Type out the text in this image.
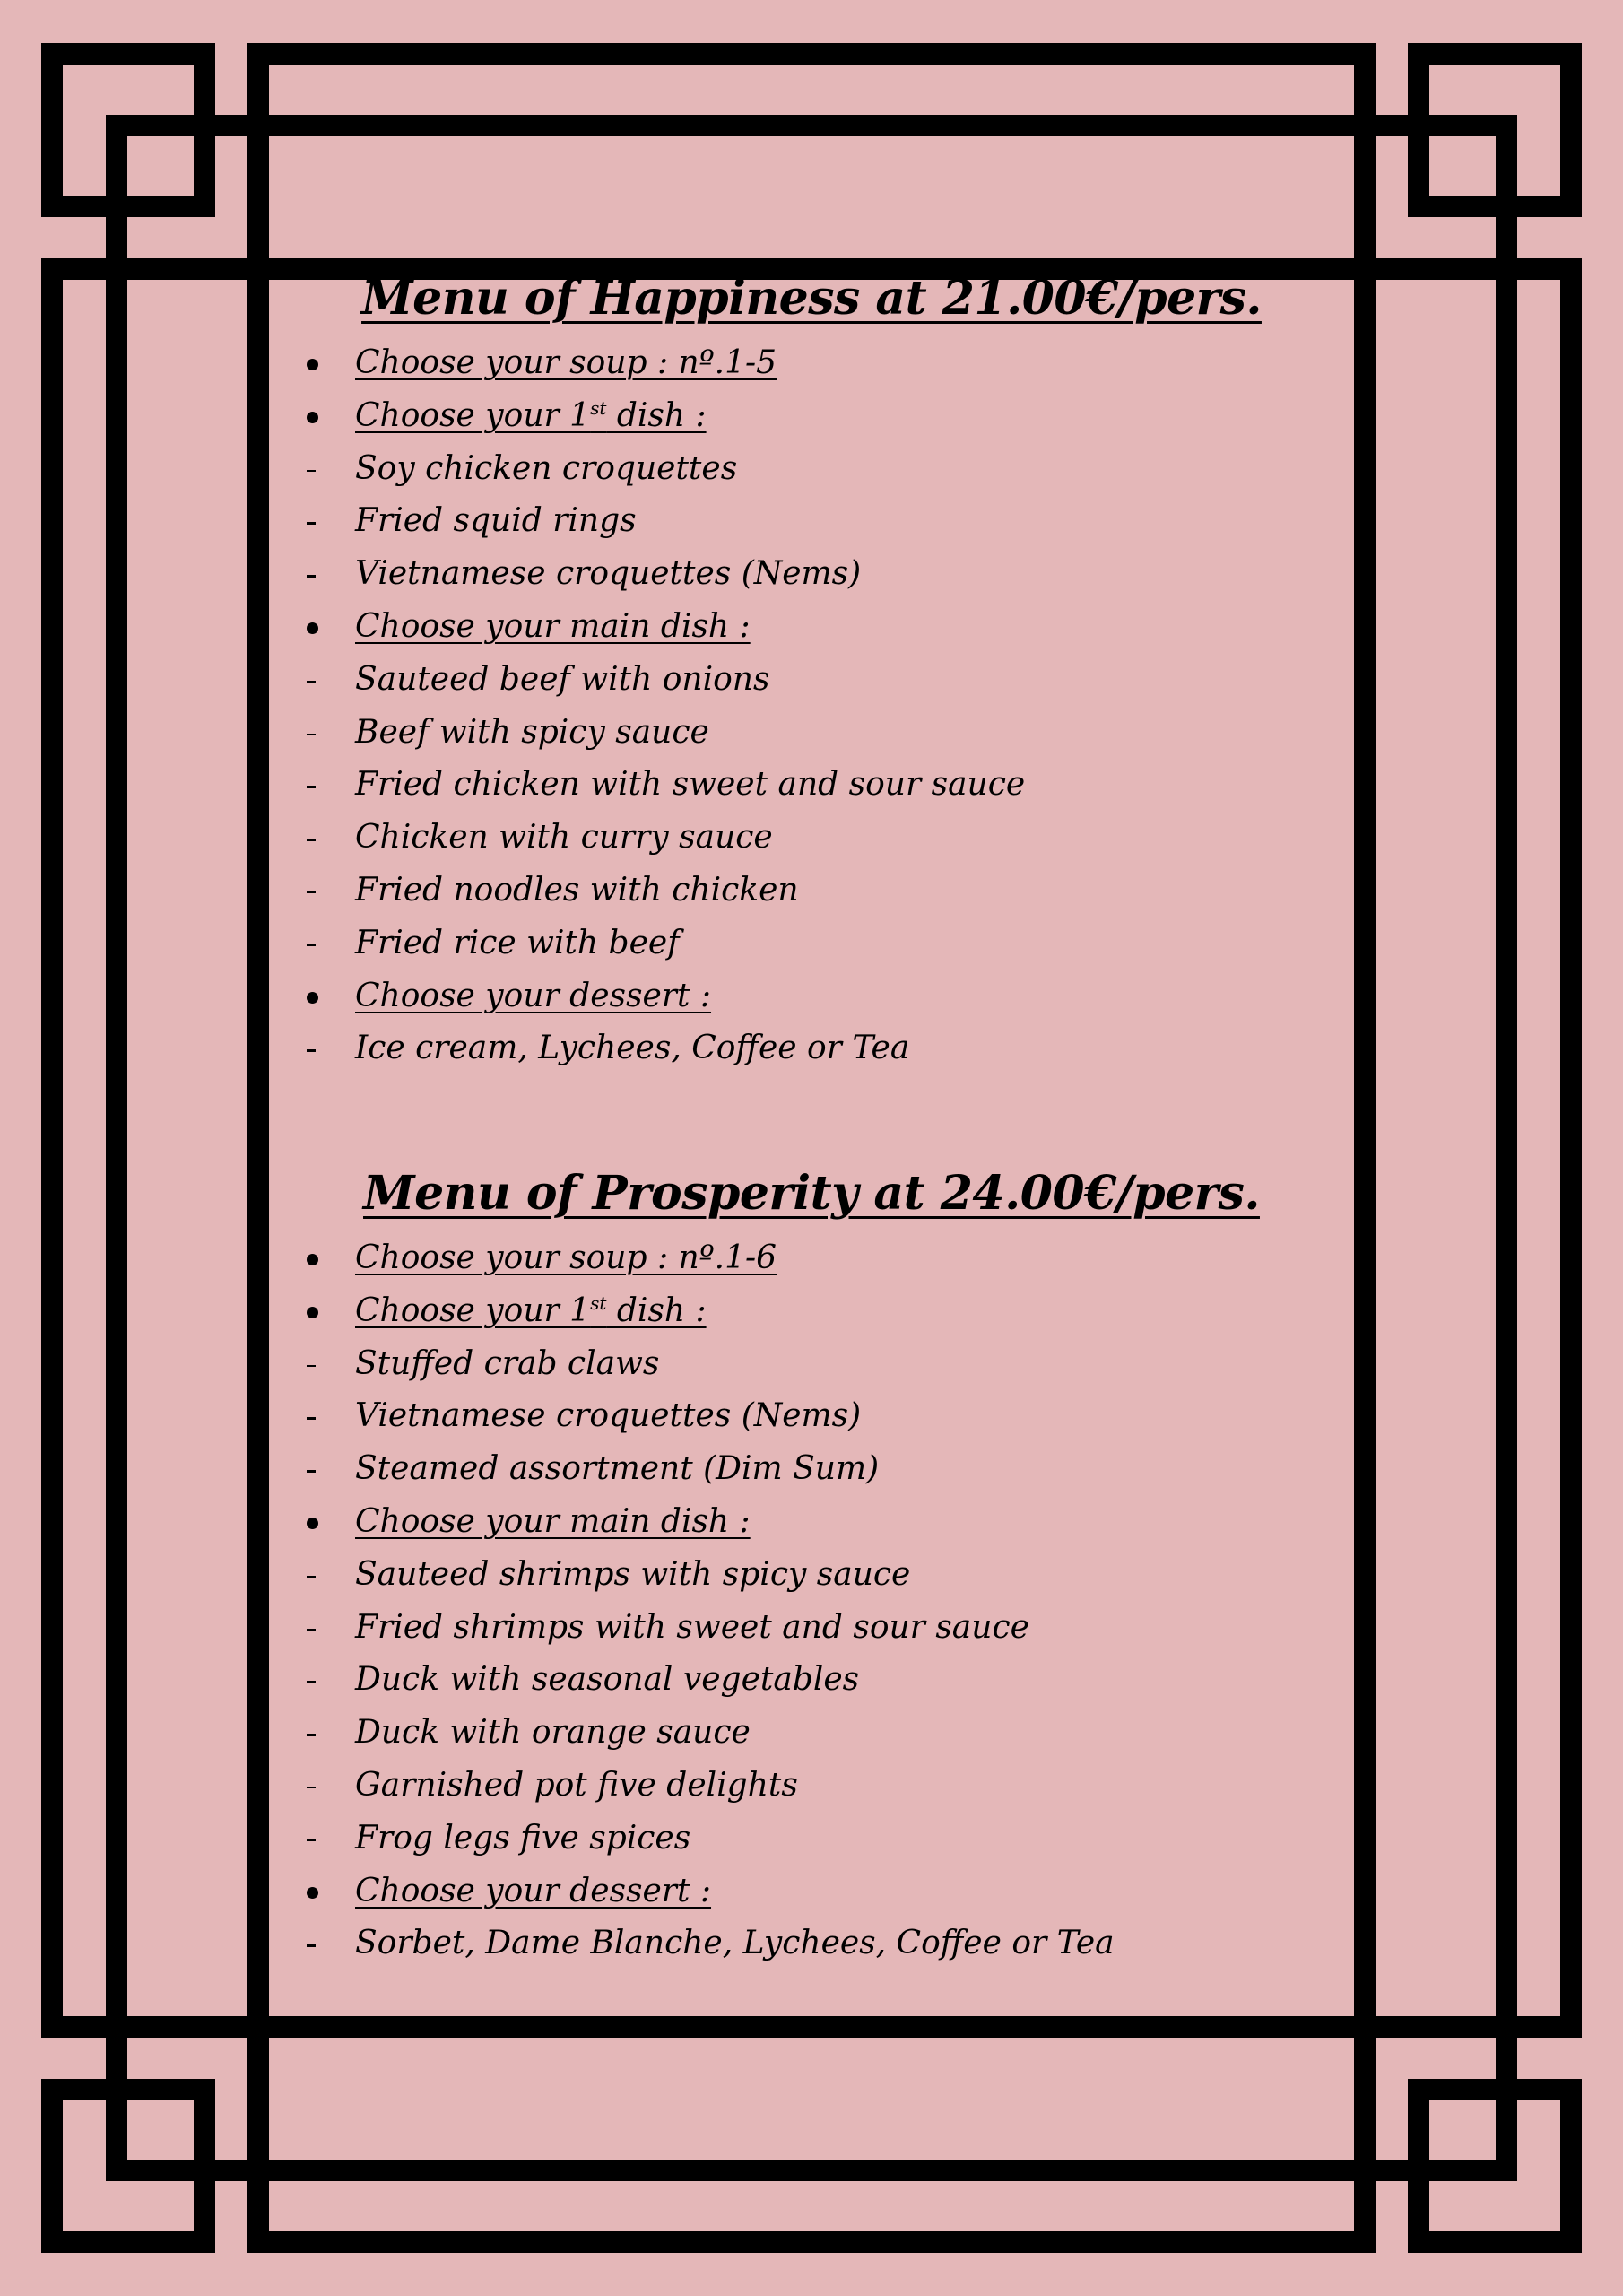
Menu of Happiness at 21.00€/pers.
Choose your soup : nº.1-5
Choose your 1st dish :
Soy chicken croquettes
Fried squid rings
Vietnamese croquettes (Nems)
Choose your main dish :
Sauteed beef with onions
Beef with spicy sauce
Fried chicken with sweet and sour sauce
Chicken with curry sauce
Fried noodles with chicken
Fried rice with beef
Choose your dessert :
Ice cream, Lychees, Coffee or Tea
Menu of Prosperity at 24.00€/pers.
Choose your soup : nº.1-6
Choose your 1st dish :
Stuffed crab claws
Vietnamese croquettes (Nems)
Steamed assortment (Dim Sum)
Choose your main dish :
Sauteed shrimps with spicy sauce
Fried shrimps with sweet and sour sauce
Duck with seasonal vegetables
Duck with orange sauce
Garnished pot five delights
Frog legs five spices
Choose your dessert :
Sorbet, Dame Blanche, Lychees, Coffee or Tea
